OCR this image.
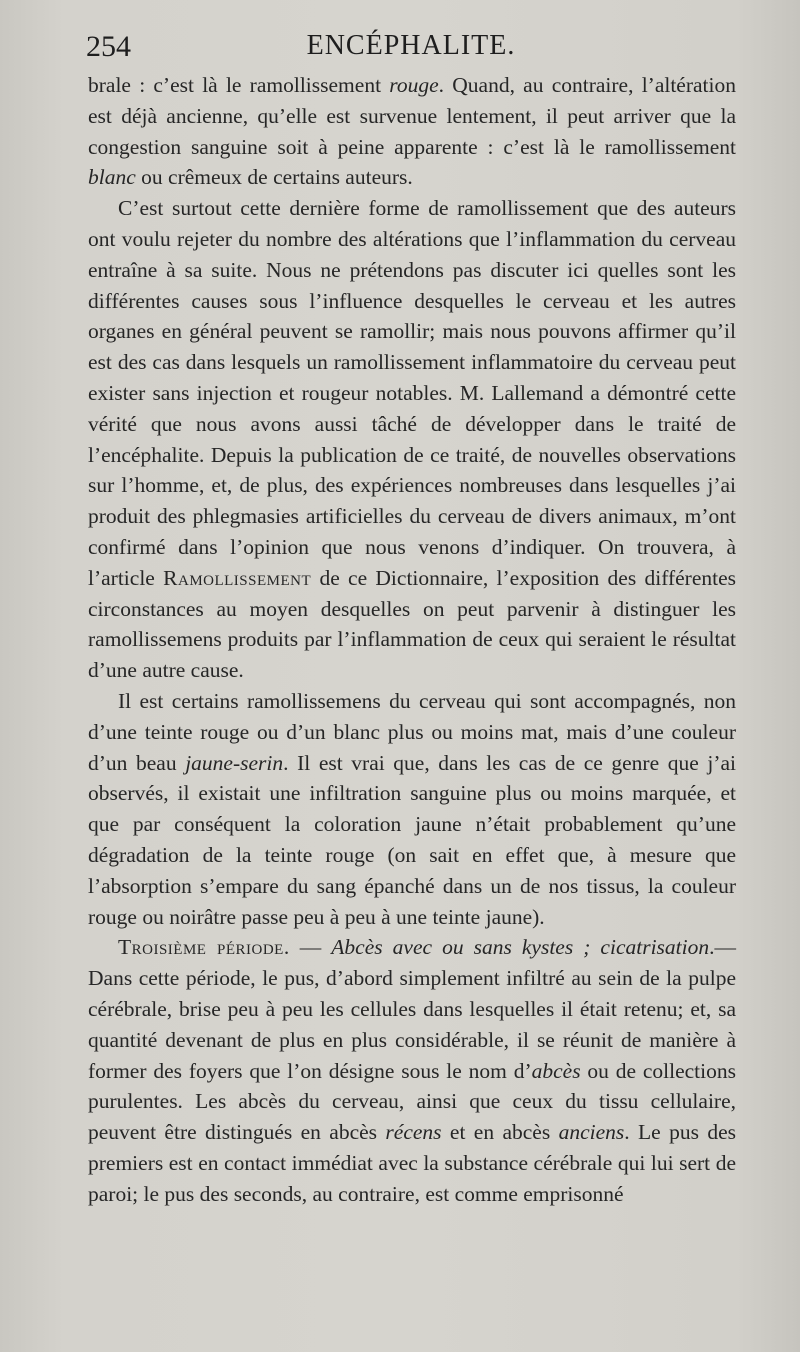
254	ENCÉPHALITE.

brale : c’est là le ramollissement rouge. Quand, au contraire, l’altération est déjà ancienne, qu’elle est survenue lentement, il peut arriver que la congestion sanguine soit à peine apparente : c’est là le ramollissement blanc ou crêmeux de certains auteurs.

C’est surtout cette dernière forme de ramollissement que des auteurs ont voulu rejeter du nombre des altérations que l’inflammation du cerveau entraîne à sa suite. Nous ne prétendons pas discuter ici quelles sont les différentes causes sous l’influence desquelles le cerveau et les autres organes en général peuvent se ramollir; mais nous pouvons affirmer qu’il est des cas dans lesquels un ramollissement inflammatoire du cerveau peut exister sans injection et rougeur notables. M. Lallemand a démontré cette vérité que nous avons aussi tâché de développer dans le traité de l’encéphalite. Depuis la publication de ce traité, de nouvelles observations sur l’homme, et, de plus, des expériences nombreuses dans lesquelles j’ai produit des phlegmasies artificielles du cerveau de divers animaux, m’ont confirmé dans l’opinion que nous venons d’indiquer. On trouvera, à l’article Ramollissement de ce Dictionnaire, l’exposition des différentes circonstances au moyen desquelles on peut parvenir à distinguer les ramollissemens produits par l’inflammation de ceux qui seraient le résultat d’une autre cause.

Il est certains ramollissemens du cerveau qui sont accompagnés, non d’une teinte rouge ou d’un blanc plus ou moins mat, mais d’une couleur d’un beau jaune-serin. Il est vrai que, dans les cas de ce genre que j’ai observés, il existait une infiltration sanguine plus ou moins marquée, et que par conséquent la coloration jaune n’était probablement qu’une dégradation de la teinte rouge (on sait en effet que, à mesure que l’absorption s’empare du sang épanché dans un de nos tissus, la couleur rouge ou noirâtre passe peu à peu à une teinte jaune).

Troisième période. — Abcès avec ou sans kystes ; cicatrisation.— Dans cette période, le pus, d’abord simplement infiltré au sein de la pulpe cérébrale, brise peu à peu les cellules dans lesquelles il était retenu; et, sa quantité devenant de plus en plus considérable, il se réunit de manière à former des foyers que l’on désigne sous le nom d’abcès ou de collections purulentes. Les abcès du cerveau, ainsi que ceux du tissu cellulaire, peuvent être distingués en abcès récens et en abcès anciens. Le pus des premiers est en contact immédiat avec la substance cérébrale qui lui sert de paroi; le pus des seconds, au contraire, est comme emprisonné
